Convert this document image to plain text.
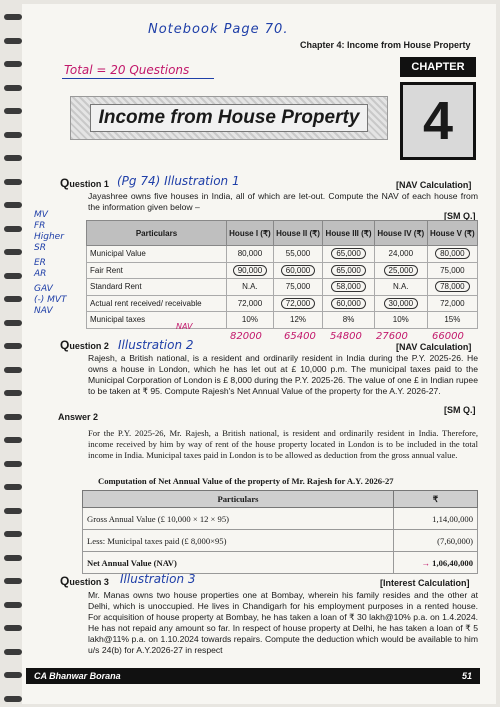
Notebook Page 70.
Chapter 4: Income from House Property
Total = 20 Questions	CHAPTER
4
Income from House Property
Question 1 (Pg 74) Illustration 1	[NAV Calculation]
Jayashree owns five houses in India, all of which are let-out. Compute the NAV of each house from the information given below –
[SM Q.]
MV
FR
Higher
SR
ER
AR
GAV
(-) MVT
NAV
Particulars	House I (₹)	House II (₹)	House III (₹)	House IV (₹)	House V (₹)
Municipal Value	80,000	55,000	65,000	24,000	80,000
Fair Rent	90,000	60,000	65,000	25,000	75,000
Standard Rent	N.A.	75,000	58,000	N.A.	78,000
Actual rent received/ receivable	72,000	72,000	60,000	30,000	72,000
Municipal taxes	10%	12%	8%	10%	15%
NAV
82000 65400 54800 27600 66000
Question 2 Illustration 2	[NAV Calculation]
Rajesh, a British national, is a resident and ordinarily resident in India during the P.Y. 2025-26. He owns a house in London, which he has let out at £ 10,000 p.m. The municipal taxes paid to the Municipal Corporation of London is £ 8,000 during the P.Y. 2025-26. The value of one £ in Indian rupee to be taken at ₹ 95. Compute Rajesh's Net Annual Value of the property for the A.Y. 2026-27.
[SM Q.]
Answer 2
For the P.Y. 2025-26, Mr. Rajesh, a British national, is resident and ordinarily resident in India. Therefore, income received by him by way of rent of the house property located in London is to be included in the total income in India. Municipal taxes paid in London is to be allowed as deduction from the gross annual value.
Computation of Net Annual Value of the property of Mr. Rajesh for A.Y. 2026-27
Particulars	₹
Gross Annual Value (£ 10,000 × 12 × 95)	1,14,00,000
Less: Municipal taxes paid (£ 8,000×95)	(7,60,000)
Net Annual Value (NAV)	→ 1,06,40,000
Question 3 Illustration 3	[Interest Calculation]
Mr. Manas owns two house properties one at Bombay, wherein his family resides and the other at Delhi, which is unoccupied. He lives in Chandigarh for his employment purposes in a rented house. For acquisition of house property at Bombay, he has taken a loan of ₹ 30 lakh@10% p.a. on 1.4.2024. He has not repaid any amount so far. In respect of house property at Delhi, he has taken a loan of ₹ 5 lakh@11% p.a. on 1.10.2024 towards repairs. Compute the deduction which would be available to him u/s 24(b) for A.Y.2026-27 in respect
CA Bhanwar Borana	51
